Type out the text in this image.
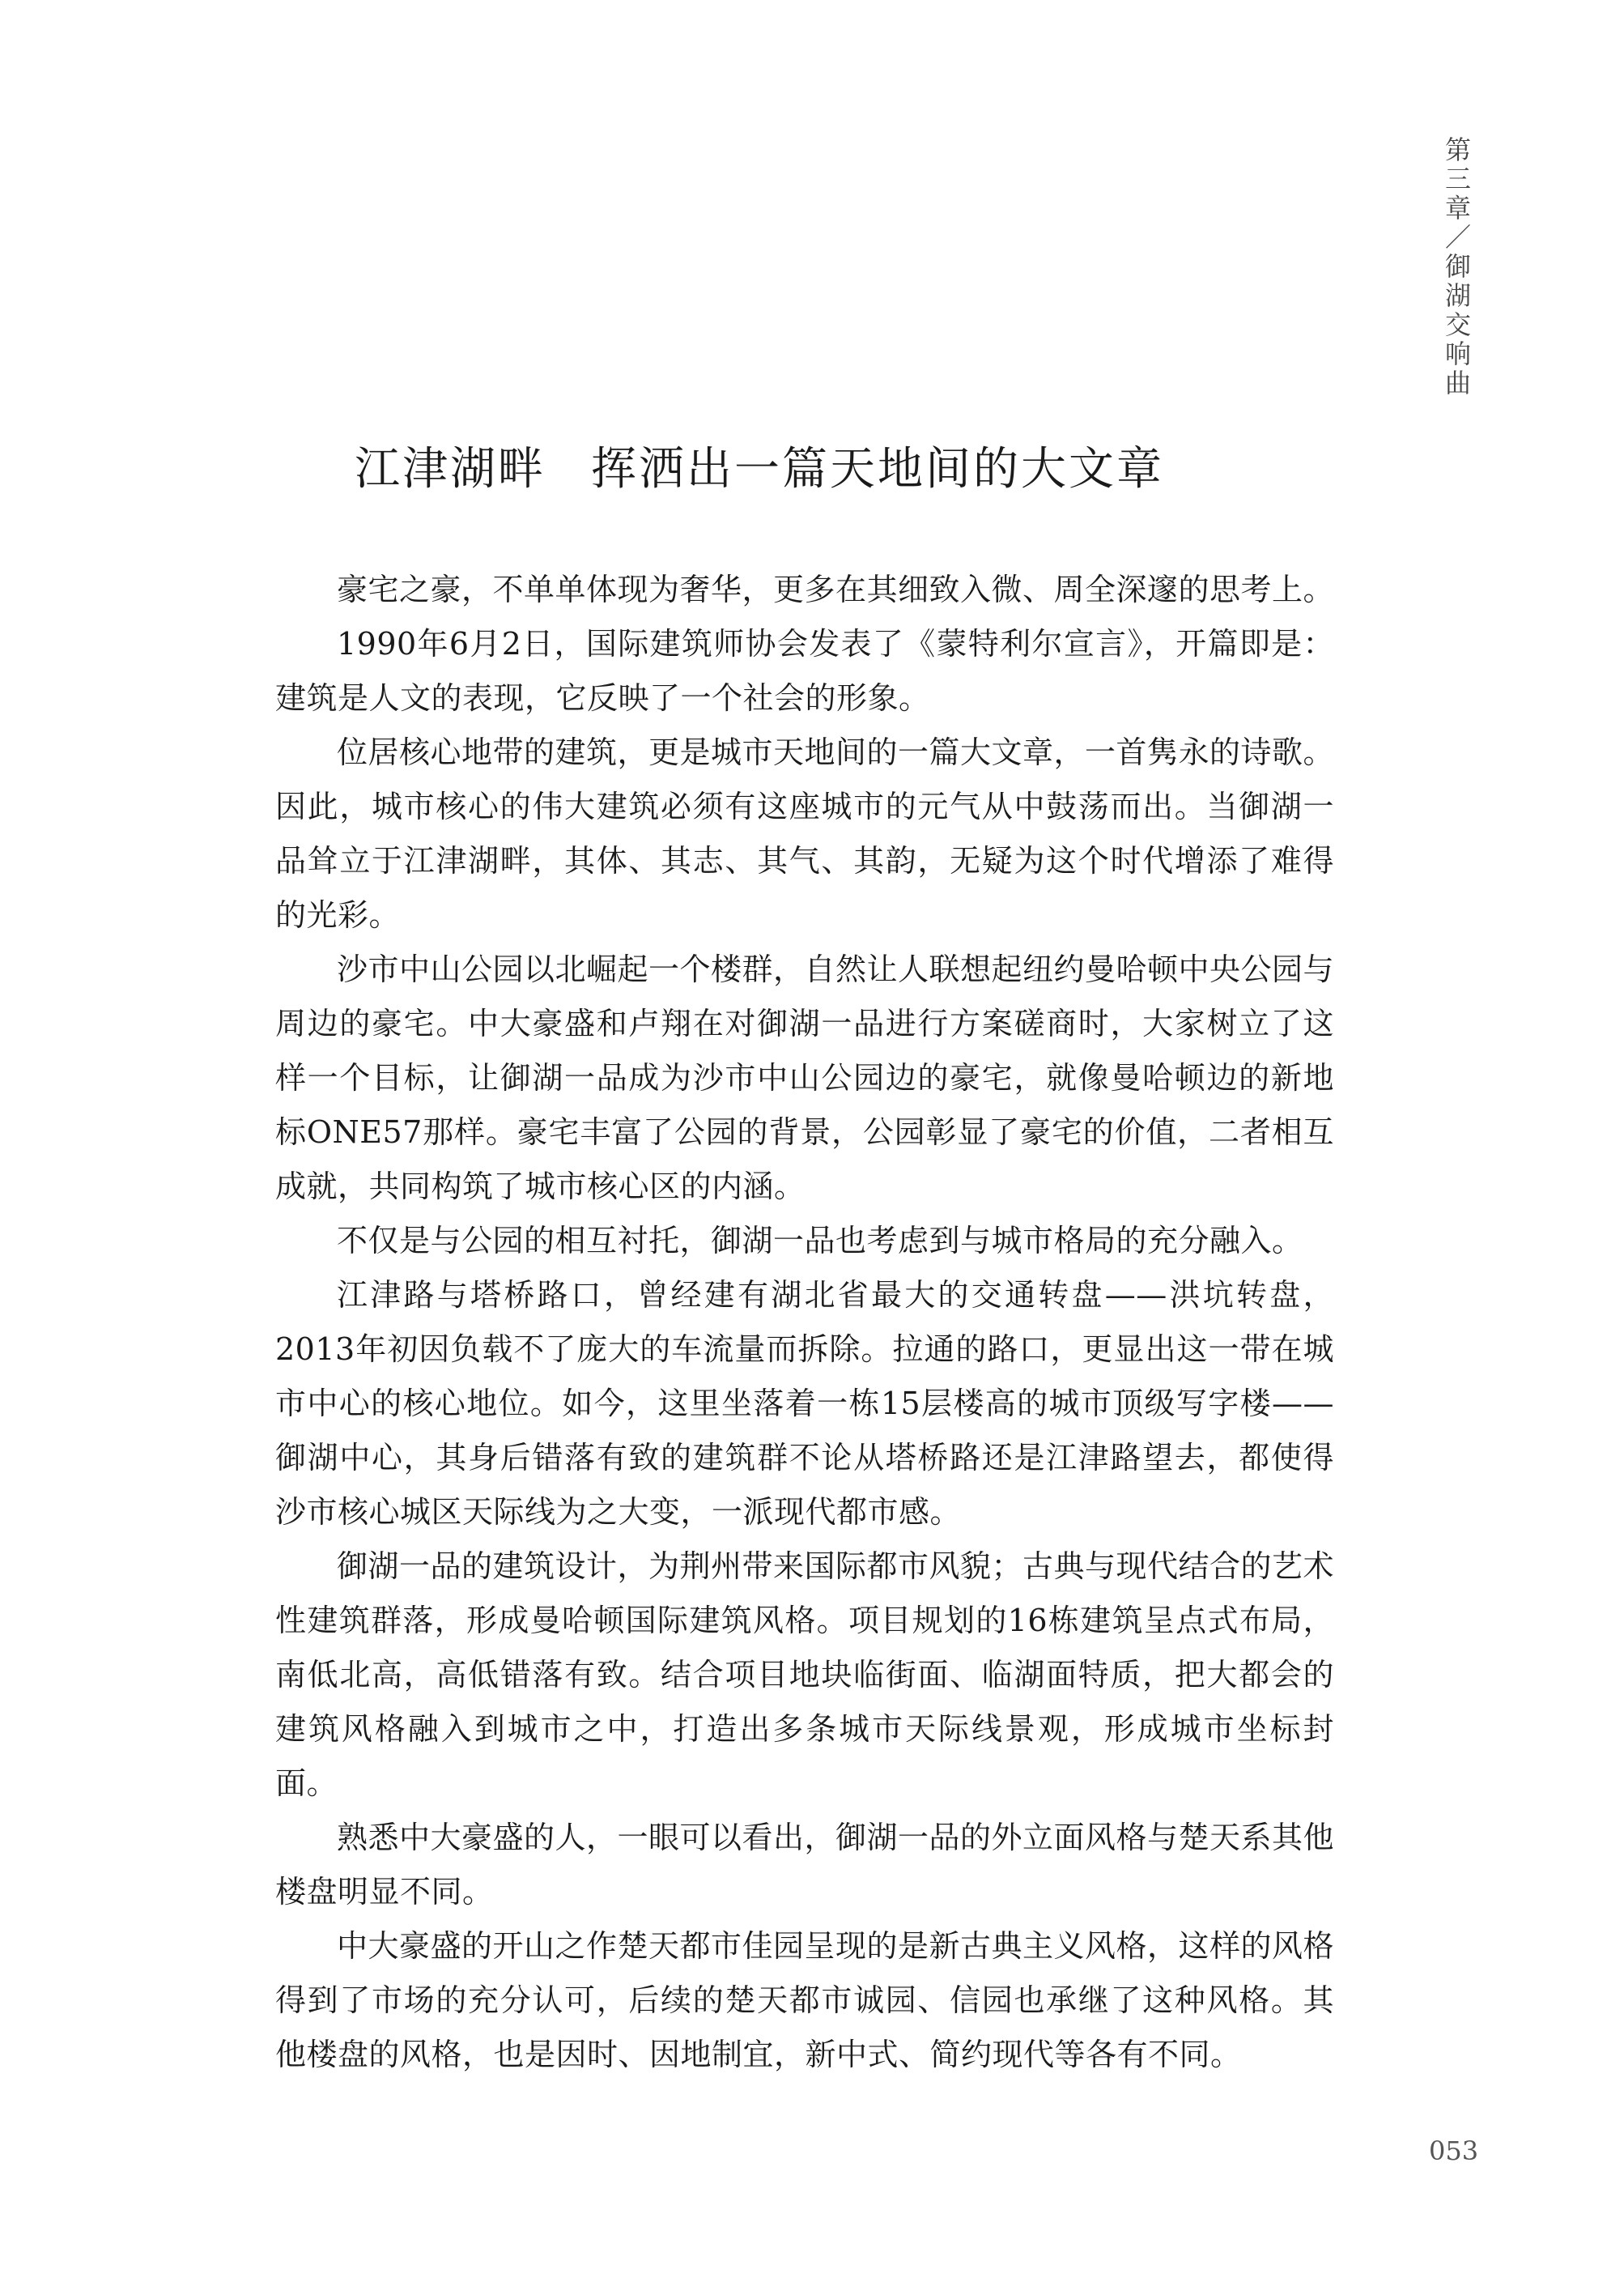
第三章／御湖交响曲
江津湖畔 挥洒出一篇天地间的大文章

豪宅之豪，不单单体现为奢华，更多在其细致入微、周全深邃的思考上。

1990年6月2日，国际建筑师协会发表了《蒙特利尔宣言》，开篇即是：建筑是人文的表现，它反映了一个社会的形象。

位居核心地带的建筑，更是城市天地间的一篇大文章，一首隽永的诗歌。因此，城市核心的伟大建筑必须有这座城市的元气从中鼓荡而出。当御湖一品耸立于江津湖畔，其体、其志、其气、其韵，无疑为这个时代增添了难得的光彩。

沙市中山公园以北崛起一个楼群，自然让人联想起纽约曼哈顿中央公园与周边的豪宅。中大豪盛和卢翔在对御湖一品进行方案磋商时，大家树立了这样一个目标，让御湖一品成为沙市中山公园边的豪宅，就像曼哈顿边的新地标ONE57那样。豪宅丰富了公园的背景，公园彰显了豪宅的价值，二者相互成就，共同构筑了城市核心区的内涵。

不仅是与公园的相互衬托，御湖一品也考虑到与城市格局的充分融入。

江津路与塔桥路口，曾经建有湖北省最大的交通转盘——洪坑转盘，2013年初因负载不了庞大的车流量而拆除。拉通的路口，更显出这一带在城市中心的核心地位。如今，这里坐落着一栋15层楼高的城市顶级写字楼——御湖中心，其身后错落有致的建筑群不论从塔桥路还是江津路望去，都使得沙市核心城区天际线为之大变，一派现代都市感。

御湖一品的建筑设计，为荆州带来国际都市风貌；古典与现代结合的艺术性建筑群落，形成曼哈顿国际建筑风格。项目规划的16栋建筑呈点式布局，南低北高，高低错落有致。结合项目地块临街面、临湖面特质，把大都会的建筑风格融入到城市之中，打造出多条城市天际线景观，形成城市坐标封面。

熟悉中大豪盛的人，一眼可以看出，御湖一品的外立面风格与楚天系其他楼盘明显不同。

中大豪盛的开山之作楚天都市佳园呈现的是新古典主义风格，这样的风格得到了市场的充分认可，后续的楚天都市诚园、信园也承继了这种风格。其他楼盘的风格，也是因时、因地制宜，新中式、简约现代等各有不同。

053
